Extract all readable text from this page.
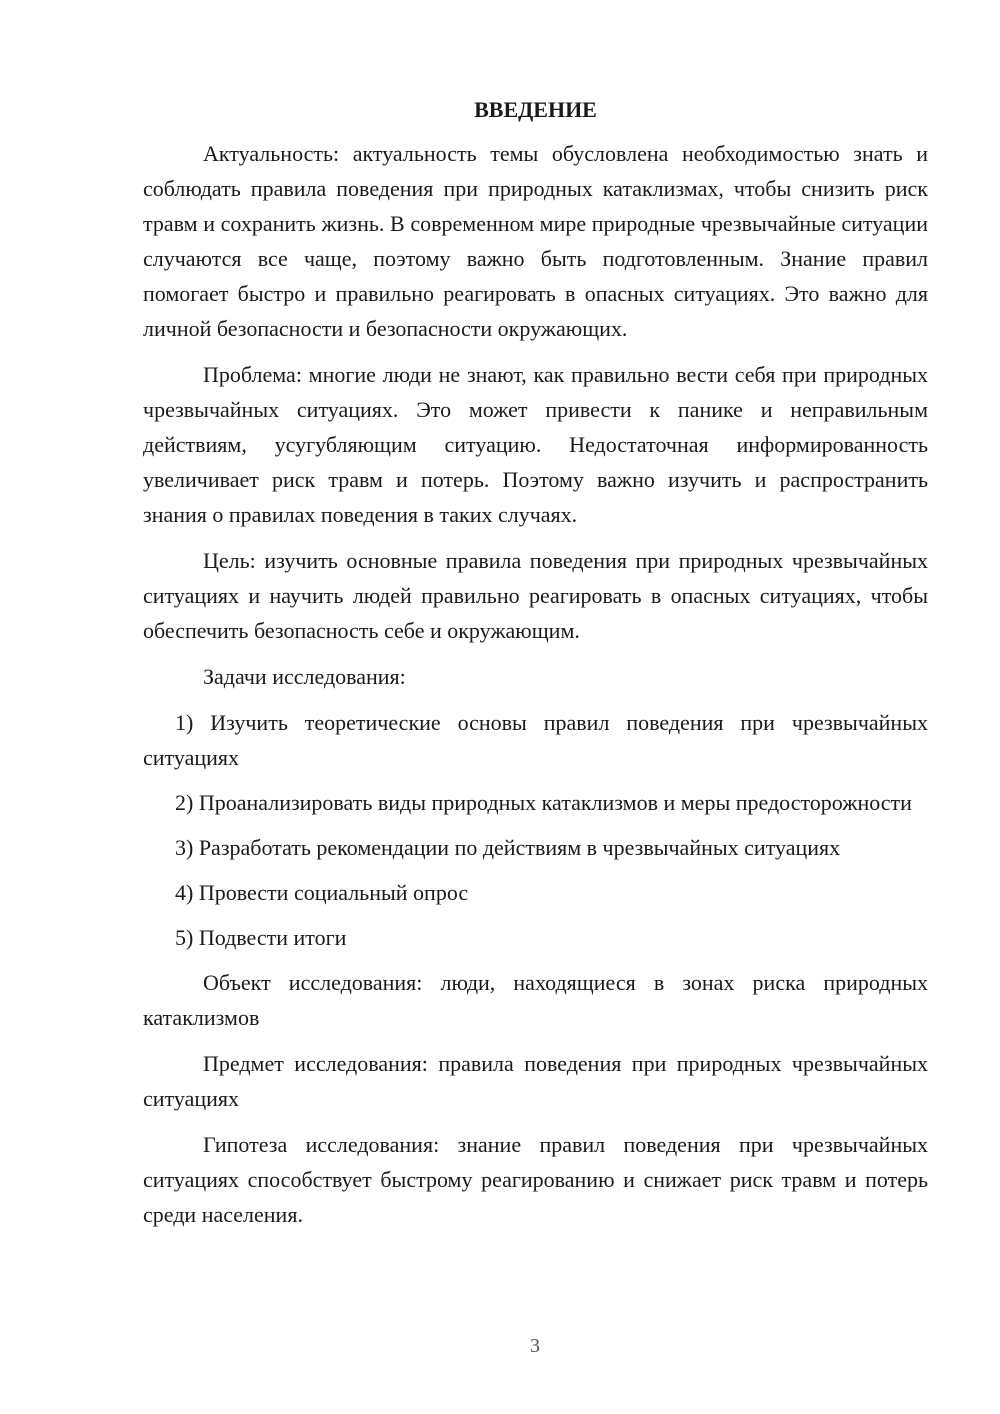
ВВЕДЕНИЕ

Актуальность: актуальность темы обусловлена необходимостью знать и соблюдать правила поведения при природных катаклизмах, чтобы снизить риск травм и сохранить жизнь. В современном мире природные чрезвычайные ситуации случаются все чаще, поэтому важно быть подготовленным. Знание правил помогает быстро и правильно реагировать в опасных ситуациях. Это важно для личной безопасности и безопасности окружающих.

Проблема: многие люди не знают, как правильно вести себя при природных чрезвычайных ситуациях. Это может привести к панике и неправильным действиям, усугубляющим ситуацию. Недостаточная информированность увеличивает риск травм и потерь. Поэтому важно изучить и распространить знания о правилах поведения в таких случаях.

Цель: изучить основные правила поведения при природных чрезвычайных ситуациях и научить людей правильно реагировать в опасных ситуациях, чтобы обеспечить безопасность себе и окружающим.

Задачи исследования:

1) Изучить теоретические основы правил поведения при чрезвычайных ситуациях

2) Проанализировать виды природных катаклизмов и меры предосторожности

3) Разработать рекомендации по действиям в чрезвычайных ситуациях

4) Провести социальный опрос

5) Подвести итоги

Объект исследования: люди, находящиеся в зонах риска природных катаклизмов

Предмет исследования: правила поведения при природных чрезвычайных ситуациях

Гипотеза исследования: знание правил поведения при чрезвычайных ситуациях способствует быстрому реагированию и снижает риск травм и потерь среди населения.

3
